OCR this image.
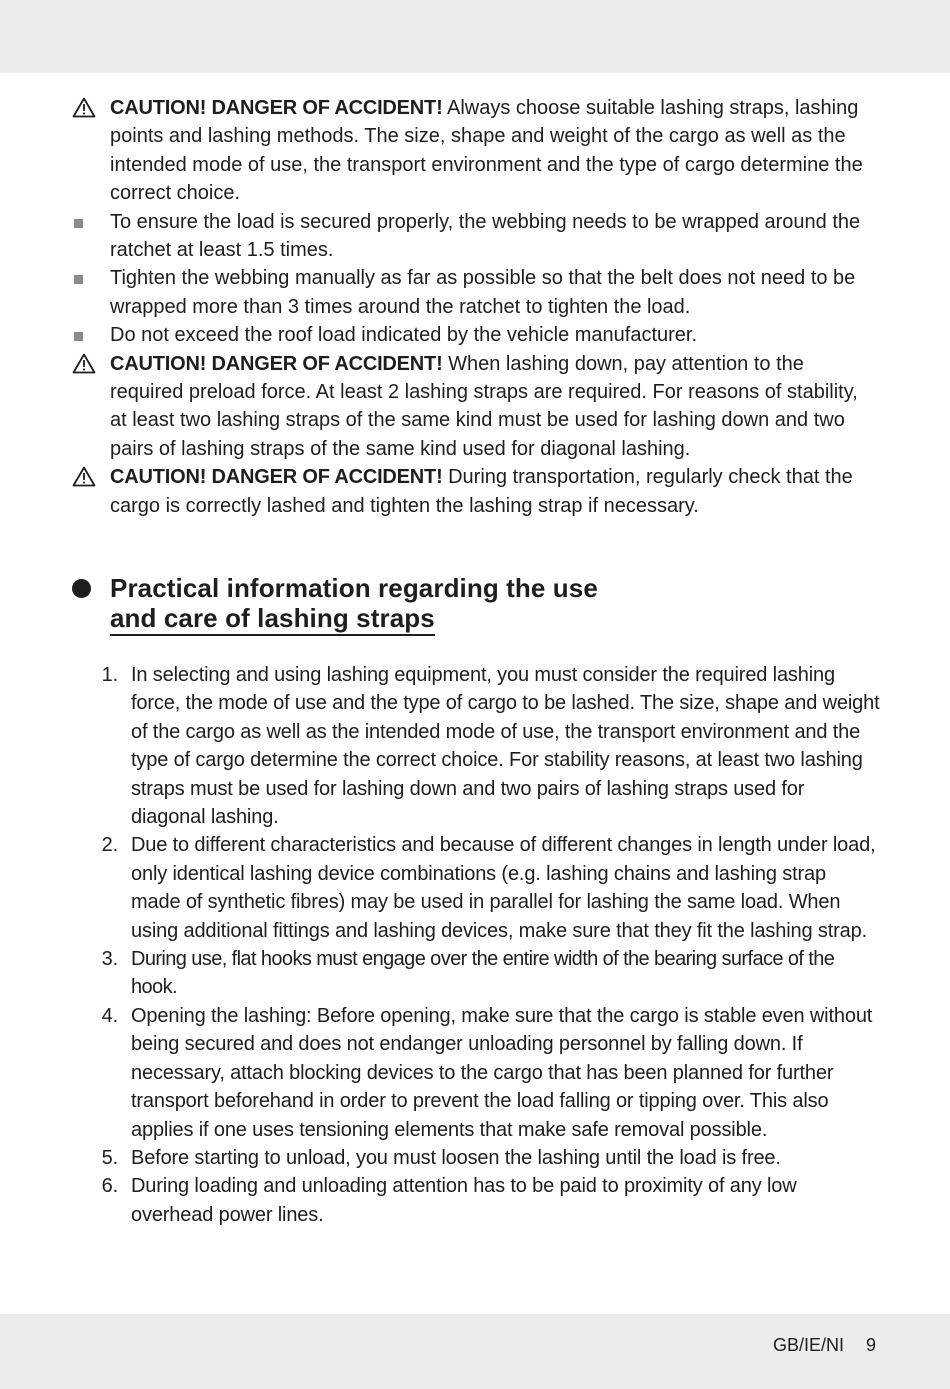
CAUTION! DANGER OF ACCIDENT! Always choose suitable lashing straps, lashing points and lashing methods. The size, shape and weight of the cargo as well as the intended mode of use, the transport environment and the type of cargo determine the correct choice.
To ensure the load is secured properly, the webbing needs to be wrapped around the ratchet at least 1.5 times.
Tighten the webbing manually as far as possible so that the belt does not need to be wrapped more than 3 times around the ratchet to tighten the load.
Do not exceed the roof load indicated by the vehicle manufacturer.
CAUTION! DANGER OF ACCIDENT! When lashing down, pay attention to the required preload force. At least 2 lashing straps are required. For reasons of stability, at least two lashing straps of the same kind must be used for lashing down and two pairs of lashing straps of the same kind used for diagonal lashing.
CAUTION! DANGER OF ACCIDENT! During transportation, regularly check that the cargo is correctly lashed and tighten the lashing strap if necessary.
Practical information regarding the use
and care of lashing straps
1. In selecting and using lashing equipment, you must consider the required lashing force, the mode of use and the type of cargo to be lashed. The size, shape and weight of the cargo as well as the intended mode of use, the transport environment and the type of cargo determine the correct choice. For stability reasons, at least two lashing straps must be used for lashing down and two pairs of lashing straps used for diagonal lashing.
2. Due to different characteristics and because of different changes in length under load, only identical lashing device combinations (e.g. lashing chains and lashing strap made of synthetic fibres) may be used in parallel for lashing the same load. When using additional fittings and lashing devices, make sure that they fit the lashing strap.
3. During use, flat hooks must engage over the entire width of the bearing surface of the hook.
4. Opening the lashing: Before opening, make sure that the cargo is stable even without being secured and does not endanger unloading personnel by falling down. If necessary, attach blocking devices to the cargo that has been planned for further transport beforehand in order to prevent the load falling or tipping over. This also applies if one uses tensioning elements that make safe removal possible.
5. Before starting to unload, you must loosen the lashing until the load is free.
6. During loading and unloading attention has to be paid to proximity of any low overhead power lines.
GB/IE/NI 9
